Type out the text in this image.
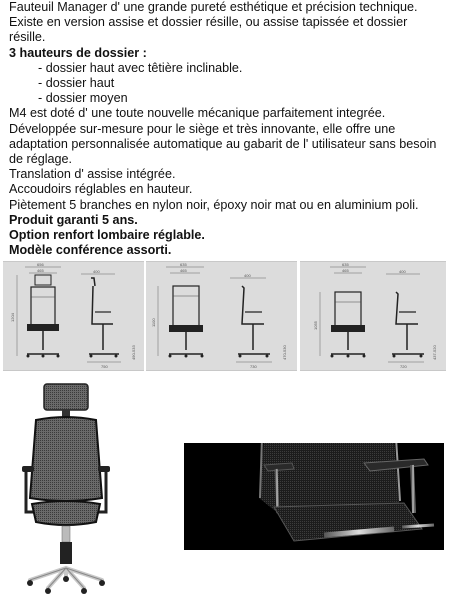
Fauteuil Manager d' une grande pureté esthétique et précision technique.

Existe en version assise et dossier résille, ou assise tapissée et dossier résille.

3 hauteurs de dossier :

- dossier haut avec têtière inclinable.

- dossier haut

- dossier moyen

M4 est doté d' une toute nouvelle mécanique parfaitement integrée.

Développée sur-mesure pour le siège et très innovante, elle offre une adaptation personnalisée automatique au gabarit de l' utilisateur sans besoin de réglage.

Translation d' assise intégrée.

Accoudoirs réglables en hauteur.

Piètement 5 branches en nylon noir, époxy noir mat ou en aluminium poli.

Produit garanti 5 ans.

Option renfort lombaire réglable.

Modèle conférence assorti.

656
465
1204
400
750
490-533
635
465
1100
400
730
470-530
635
465
1055
400
720
437-520
